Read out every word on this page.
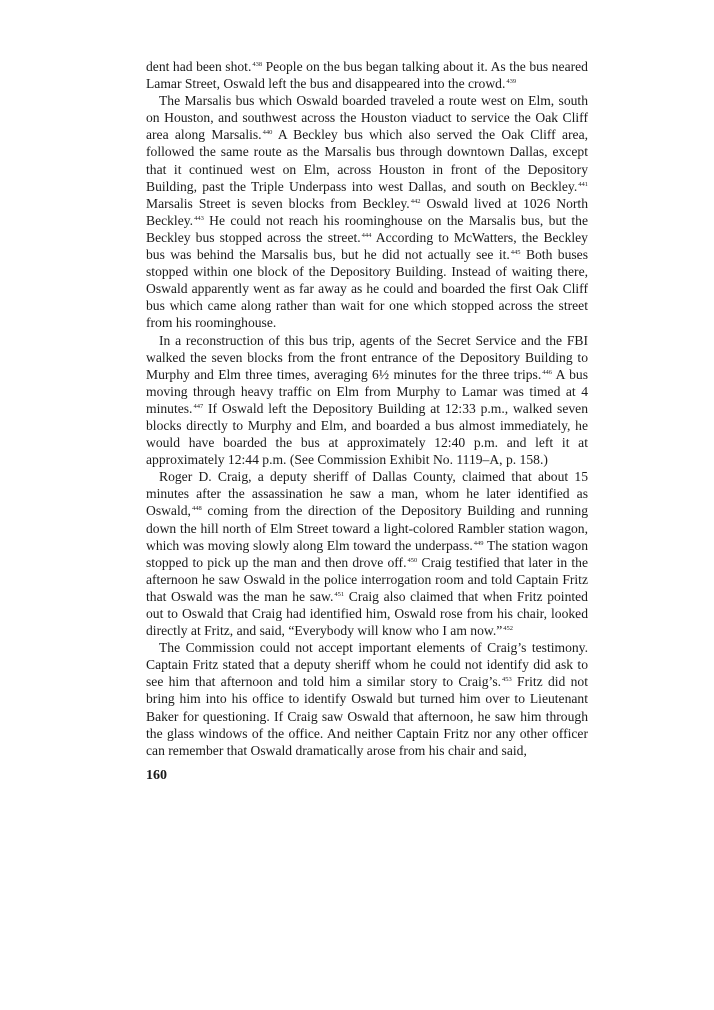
dent had been shot.$^{438}$ People on the bus began talking about it. As the bus neared Lamar Street, Oswald left the bus and disappeared into the crowd.$^{439}$

The Marsalis bus which Oswald boarded traveled a route west on Elm, south on Houston, and southwest across the Houston viaduct to service the Oak Cliff area along Marsalis.$^{440}$ A Beckley bus which also served the Oak Cliff area, followed the same route as the Marsalis bus through downtown Dallas, except that it continued west on Elm, across Houston in front of the Depository Building, past the Triple Underpass into west Dallas, and south on Beckley.$^{441}$ Marsalis Street is seven blocks from Beckley.$^{442}$ Oswald lived at 1026 North Beckley.$^{443}$ He could not reach his roominghouse on the Marsalis bus, but the Beckley bus stopped across the street.$^{444}$ According to McWatters, the Beckley bus was behind the Marsalis bus, but he did not actually see it.$^{445}$ Both buses stopped within one block of the Depository Building. Instead of waiting there, Oswald apparently went as far away as he could and boarded the first Oak Cliff bus which came along rather than wait for one which stopped across the street from his roominghouse.

In a reconstruction of this bus trip, agents of the Secret Service and the FBI walked the seven blocks from the front entrance of the Depository Building to Murphy and Elm three times, averaging 6½ minutes for the three trips.$^{446}$ A bus moving through heavy traffic on Elm from Murphy to Lamar was timed at 4 minutes.$^{447}$ If Oswald left the Depository Building at 12:33 p.m., walked seven blocks directly to Murphy and Elm, and boarded a bus almost immediately, he would have boarded the bus at approximately 12:40 p.m. and left it at approximately 12:44 p.m. (See Commission Exhibit No. 1119–A, p. 158.)

Roger D. Craig, a deputy sheriff of Dallas County, claimed that about 15 minutes after the assassination he saw a man, whom he later identified as Oswald,$^{448}$ coming from the direction of the Depository Building and running down the hill north of Elm Street toward a light-colored Rambler station wagon, which was moving slowly along Elm toward the underpass.$^{449}$ The station wagon stopped to pick up the man and then drove off.$^{450}$ Craig testified that later in the afternoon he saw Oswald in the police interrogation room and told Captain Fritz that Oswald was the man he saw.$^{451}$ Craig also claimed that when Fritz pointed out to Oswald that Craig had identified him, Oswald rose from his chair, looked directly at Fritz, and said, “Everybody will know who I am now.”$^{452}$

The Commission could not accept important elements of Craig’s testimony. Captain Fritz stated that a deputy sheriff whom he could not identify did ask to see him that afternoon and told him a similar story to Craig’s.$^{453}$ Fritz did not bring him into his office to identify Oswald but turned him over to Lieutenant Baker for questioning. If Craig saw Oswald that afternoon, he saw him through the glass windows of the office. And neither Captain Fritz nor any other officer can remember that Oswald dramatically arose from his chair and said,

160
